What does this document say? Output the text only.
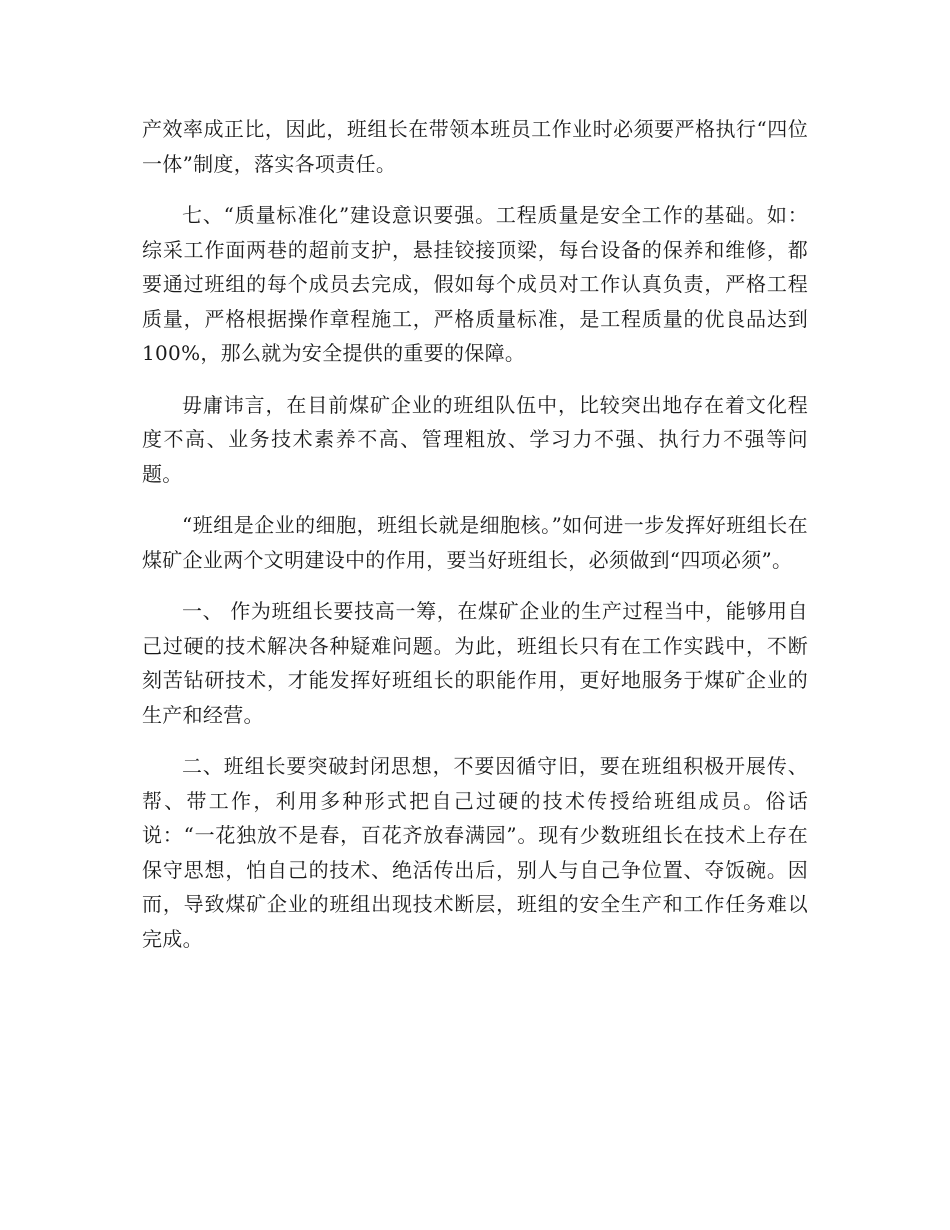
产效率成正比，因此，班组长在带领本班员工作业时必须要严格执行“四位一体”制度，落实各项责任。

七、“质量标准化”建设意识要强。工程质量是安全工作的基础。如：综采工作面两巷的超前支护，悬挂铰接顶梁，每台设备的保养和维修，都要通过班组的每个成员去完成，假如每个成员对工作认真负责，严格工程质量，严格根据操作章程施工，严格质量标准，是工程质量的优良品达到100%，那么就为安全提供的重要的保障。

毋庸讳言，在目前煤矿企业的班组队伍中，比较突出地存在着文化程度不高、业务技术素养不高、管理粗放、学习力不强、执行力不强等问题。

“班组是企业的细胞，班组长就是细胞核。”如何进一步发挥好班组长在煤矿企业两个文明建设中的作用，要当好班组长，必须做到“四项必须”。

一、 作为班组长要技高一筹，在煤矿企业的生产过程当中，能够用自己过硬的技术解决各种疑难问题。为此，班组长只有在工作实践中，不断刻苦钻研技术，才能发挥好班组长的职能作用，更好地服务于煤矿企业的生产和经营。

二、班组长要突破封闭思想，不要因循守旧，要在班组积极开展传、帮、带工作，利用多种形式把自己过硬的技术传授给班组成员。俗话说：“一花独放不是春，百花齐放春满园”。现有少数班组长在技术上存在保守思想，怕自己的技术、绝活传出后，别人与自己争位置、夺饭碗。因而，导致煤矿企业的班组出现技术断层，班组的安全生产和工作任务难以完成。
